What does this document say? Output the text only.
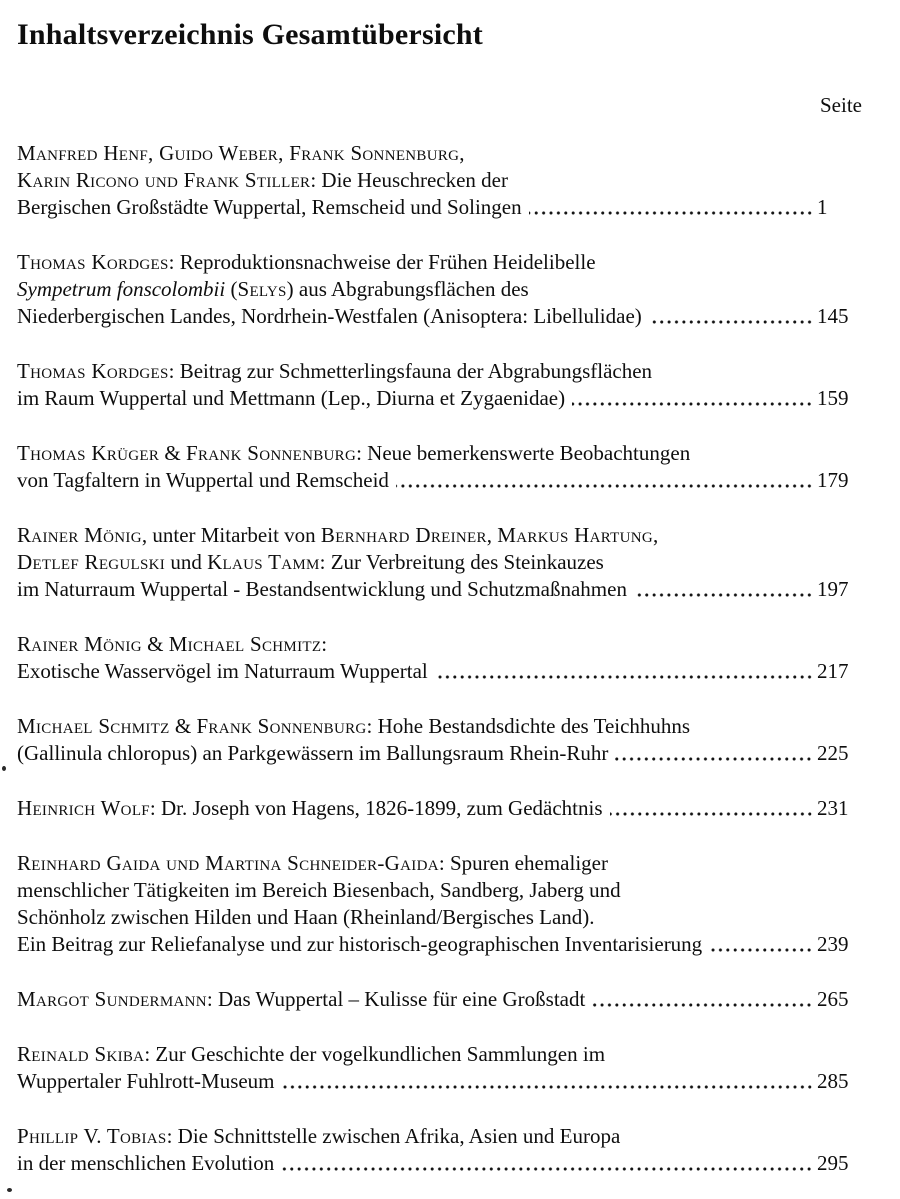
Inhaltsverzeichnis Gesamtübersicht
Seite
Manfred Henf, Guido Weber, Frank Sonnenburg,
Karin Ricono und Frank Stiller: Die Heuschrecken der
Bergischen Großstädte Wuppertal, Remscheid und Solingen	1
Thomas Kordges: Reproduktionsnachweise der Frühen Heidelibelle
Sympetrum fonscolombii (Selys) aus Abgrabungsflächen des
Niederbergischen Landes, Nordrhein-Westfalen (Anisoptera: Libellulidae)	145
Thomas Kordges: Beitrag zur Schmetterlingsfauna der Abgrabungsflächen
im Raum Wuppertal und Mettmann (Lep., Diurna et Zygaenidae)	159
Thomas Krüger & Frank Sonnenburg: Neue bemerkenswerte Beobachtungen
von Tagfaltern in Wuppertal und Remscheid	179
Rainer Mönig, unter Mitarbeit von Bernhard Dreiner, Markus Hartung,
Detlef Regulski und Klaus Tamm: Zur Verbreitung des Steinkauzes
im Naturraum Wuppertal - Bestandsentwicklung und Schutzmaßnahmen	197
Rainer Mönig & Michael Schmitz:
Exotische Wasservögel im Naturraum Wuppertal	217
Michael Schmitz & Frank Sonnenburg: Hohe Bestandsdichte des Teichhuhns
(Gallinula chloropus) an Parkgewässern im Ballungsraum Rhein-Ruhr	225
Heinrich Wolf: Dr. Joseph von Hagens, 1826-1899, zum Gedächtnis	231
Reinhard Gaida und Martina Schneider-Gaida: Spuren ehemaliger
menschlicher Tätigkeiten im Bereich Biesenbach, Sandberg, Jaberg und
Schönholz zwischen Hilden und Haan (Rheinland/Bergisches Land).
Ein Beitrag zur Reliefanalyse und zur historisch-geographischen Inventarisierung	239
Margot Sundermann: Das Wuppertal – Kulisse für eine Großstadt	265
Reinald Skiba: Zur Geschichte der vogelkundlichen Sammlungen im
Wuppertaler Fuhlrott-Museum	285
Phillip V. Tobias: Die Schnittstelle zwischen Afrika, Asien und Europa
in der menschlichen Evolution	295
